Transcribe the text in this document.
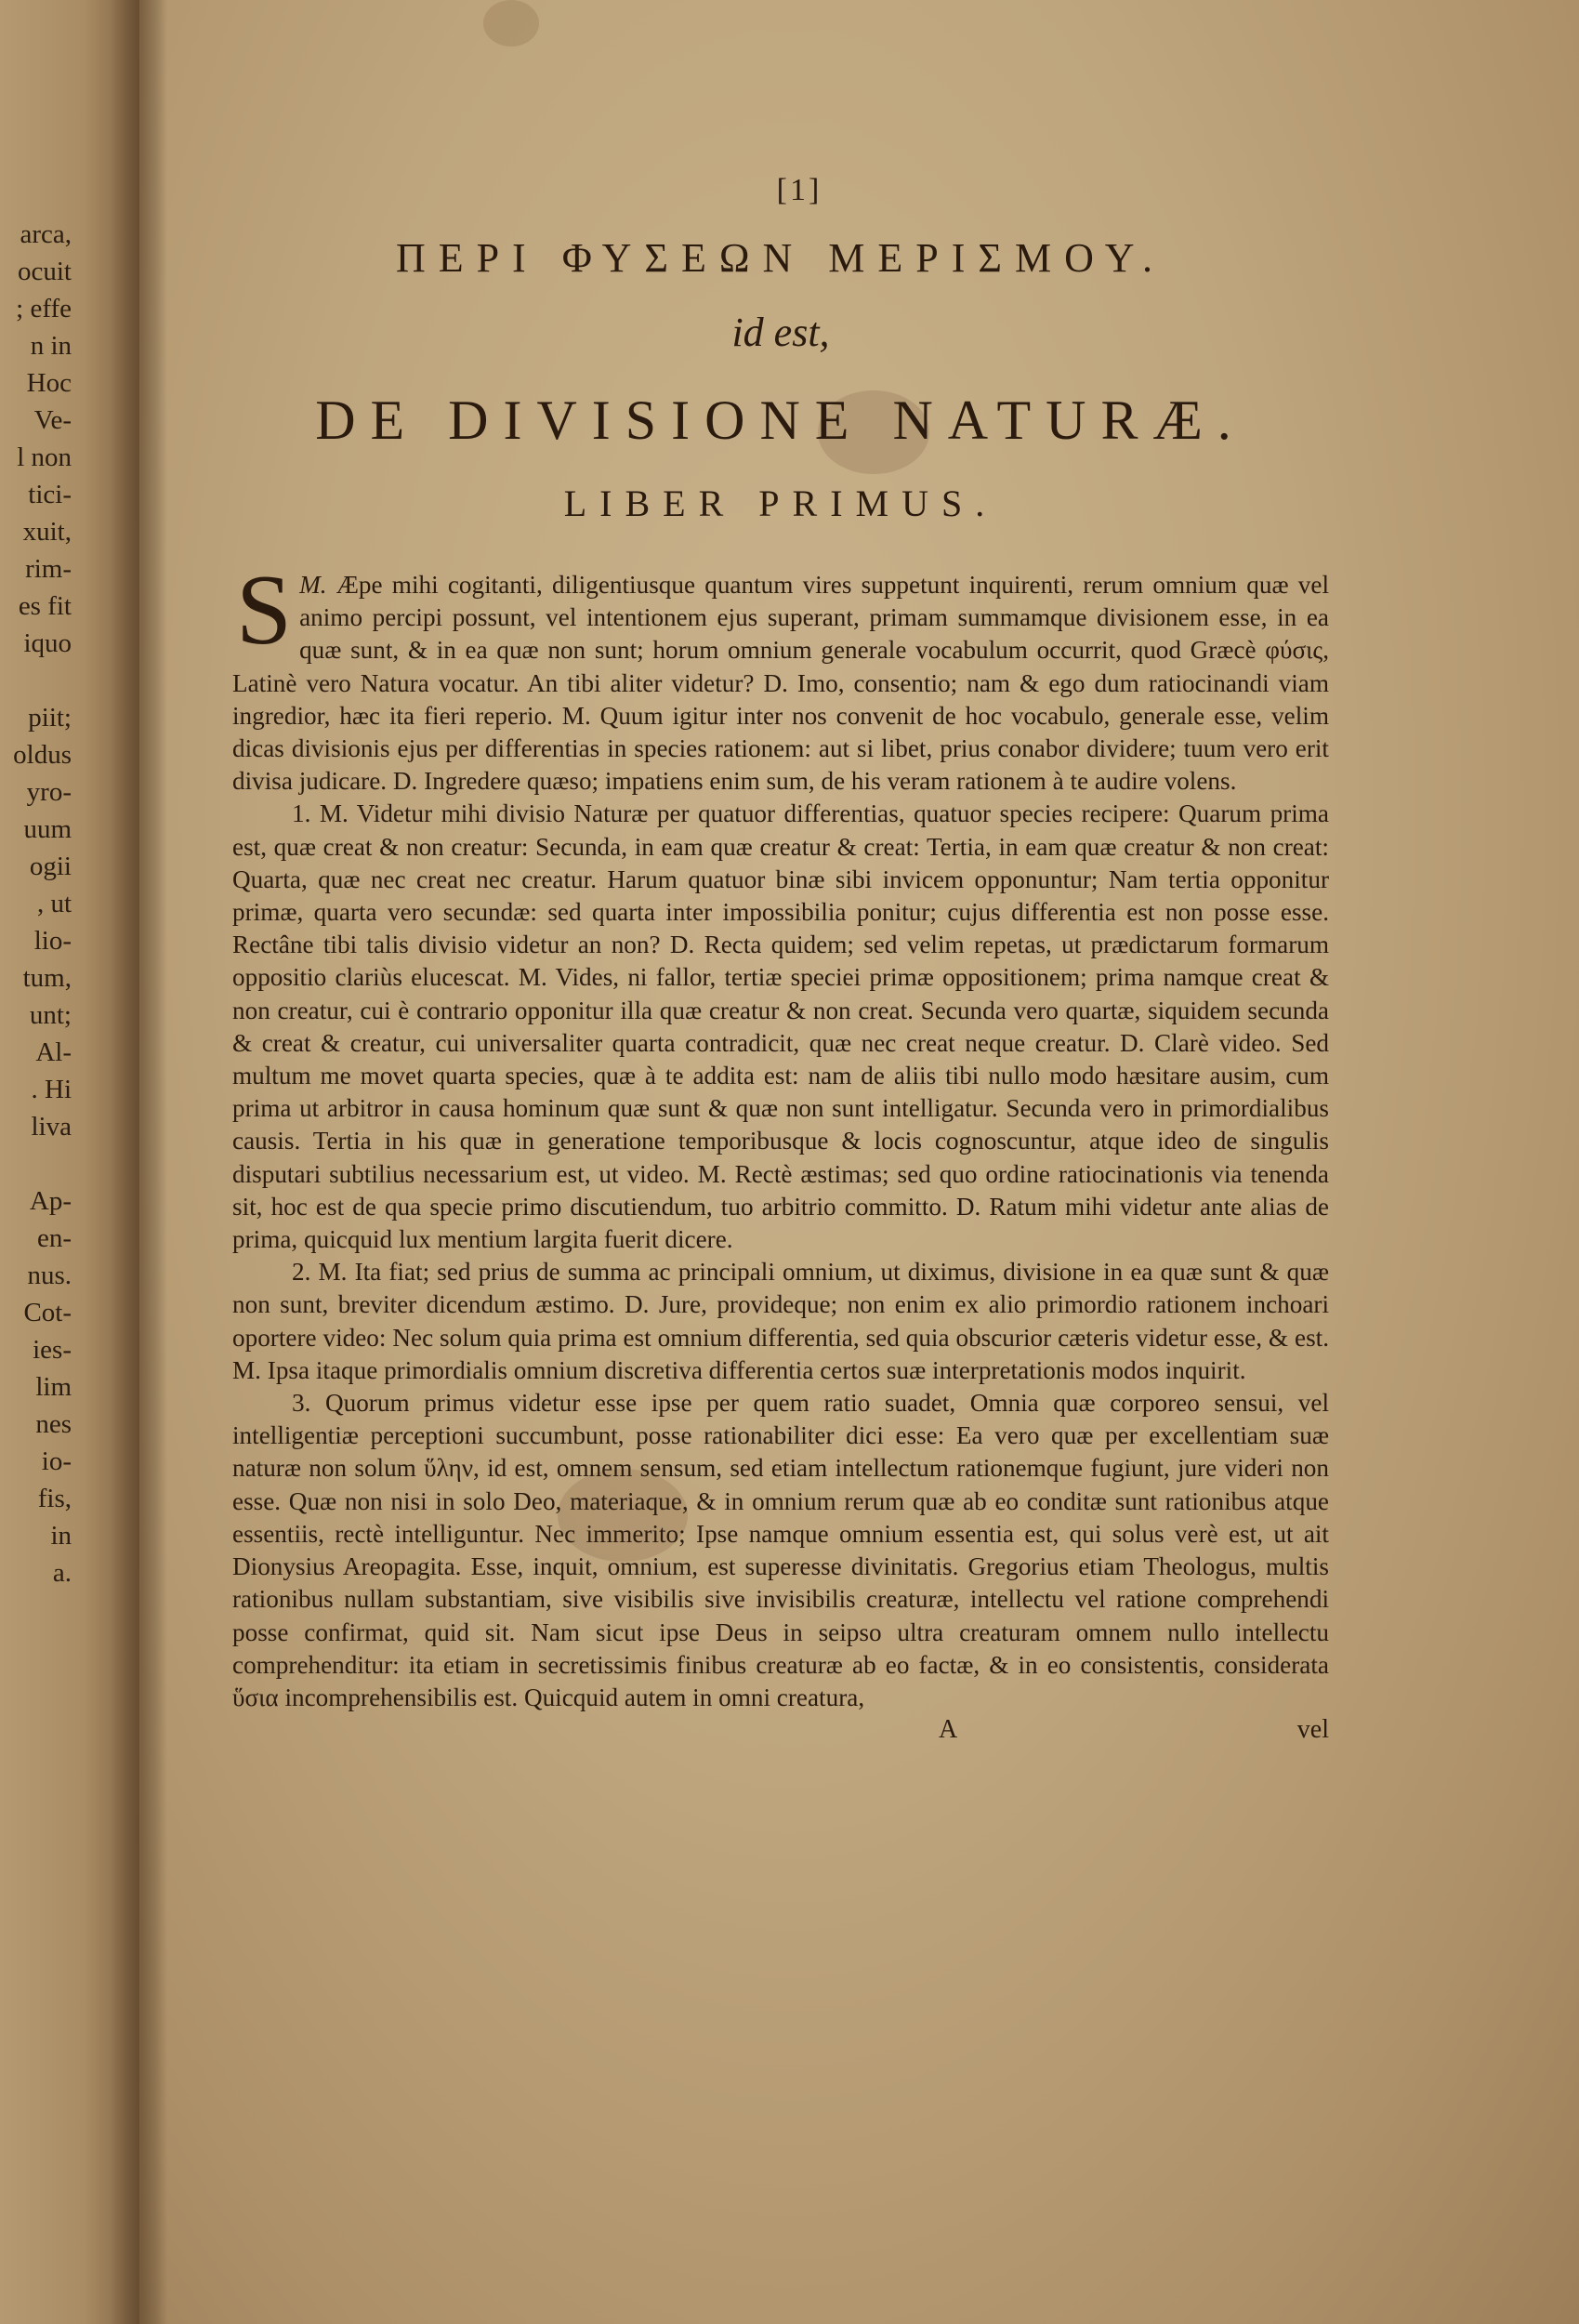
arca,
ocuit
; effe
n in
Hoc
Ve-
l non
tici-
xuit,
rim-
es fit
iquo
piit;
oldus
yro-
uum
ogii
, ut
lio-
tum,
unt;
Al-
. Hi
liva
Ap-
en-
nus.
Cot-
ies-
lim
nes
io-
fis,
in
a.
[1]
ΠΕΡΙ ΦΥΣΕΩΝ ΜΕΡΙΣΜΟΥ.
id est,
DE DIVISIONE NATURÆ.
LIBER PRIMUS.

M.
S Æpe mihi cogitanti, diligentiusque quantum vires suppetunt inquirenti, rerum omnium quæ vel animo percipi possunt, vel intentionem ejus superant, primam summamque divisionem esse, in ea quæ sunt, & in ea quæ non sunt; horum omnium generale vocabulum occurrit, quod Græcè φύσις, Latinè vero Natura vocatur. An tibi aliter videtur? D. Imo, consentio; nam & ego dum ratiocinandi viam ingredior, hæc ita fieri reperio. M. Quum igitur inter nos convenit de hoc vocabulo, generale esse, velim dicas divisionis ejus per differentias in species rationem: aut si libet, prius conabor dividere; tuum vero erit divisa judicare. D. Ingredere quæso; impatiens enim sum, de his veram rationem à te audire volens.

1. M. Videtur mihi divisio Naturæ per quatuor differentias, quatuor species recipere: Quarum prima est, quæ creat & non creatur: Secunda, in eam quæ creatur & creat: Tertia, in eam quæ creatur & non creat: Quarta, quæ nec creat nec creatur. Harum quatuor binæ sibi invicem opponuntur; Nam tertia opponitur primæ, quarta vero secundæ: sed quarta inter impossibilia ponitur; cujus differentia est non posse esse. Rectâne tibi talis divisio videtur an non? D. Recta quidem; sed velim repetas, ut prædictarum formarum oppositio clariùs elucescat. M. Vides, ni fallor, tertiæ speciei primæ oppositionem; prima namque creat & non creatur, cui è contrario opponitur illa quæ creatur & non creat. Secunda vero quartæ, siquidem secunda & creat & creatur, cui universaliter quarta contradicit, quæ nec creat neque creatur. D. Clarè video. Sed multum me movet quarta species, quæ à te addita est: nam de aliis tibi nullo modo hæsitare ausim, cum prima ut arbitror in causa hominum quæ sunt & quæ non sunt intelligatur. Secunda vero in primordialibus causis. Tertia in his quæ in generatione temporibusque & locis cognoscuntur, atque ideo de singulis disputari subtilius necessarium est, ut video. M. Rectè æstimas; sed quo ordine ratiocinationis via tenenda sit, hoc est de qua specie primo discutiendum, tuo arbitrio committo. D. Ratum mihi videtur ante alias de prima, quicquid lux mentium largita fuerit dicere.

2. M. Ita fiat; sed prius de summa ac principali omnium, ut diximus, divisione in ea quæ sunt & quæ non sunt, breviter dicendum æstimo. D. Jure, provideque; non enim ex alio primordio rationem inchoari oportere video: Nec solum quia prima est omnium differentia, sed quia obscurior cæteris videtur esse, & est. M. Ipsa itaque primordialis omnium discretiva differentia certos suæ interpretationis modos inquirit.

3. Quorum primus videtur esse ipse per quem ratio suadet, Omnia quæ corporeo sensui, vel intelligentiæ perceptioni succumbunt, posse rationabiliter dici esse: Ea vero quæ per excellentiam suæ naturæ non solum ὕλην, id est, omnem sensum, sed etiam intellectum rationemque fugiunt, jure videri non esse. Quæ non nisi in solo Deo, materiaque, & in omnium rerum quæ ab eo conditæ sunt rationibus atque essentiis, rectè intelliguntur. Nec immerito; Ipse namque omnium essentia est, qui solus verè est, ut ait Dionysius Areopagita. Esse, inquit, omnium, est superesse divinitatis. Gregorius etiam Theologus, multis rationibus nullam substantiam, sive visibilis sive invisibilis creaturæ, intellectu vel ratione comprehendi posse confirmat, quid sit. Nam sicut ipse Deus in seipso ultra creaturam omnem nullo intellectu comprehenditur: ita etiam in secretissimis finibus creaturæ ab eo factæ, & in eo consistentis, considerata ὕσια incomprehensibilis est. Quicquid autem in omni creatura,

A	vel
